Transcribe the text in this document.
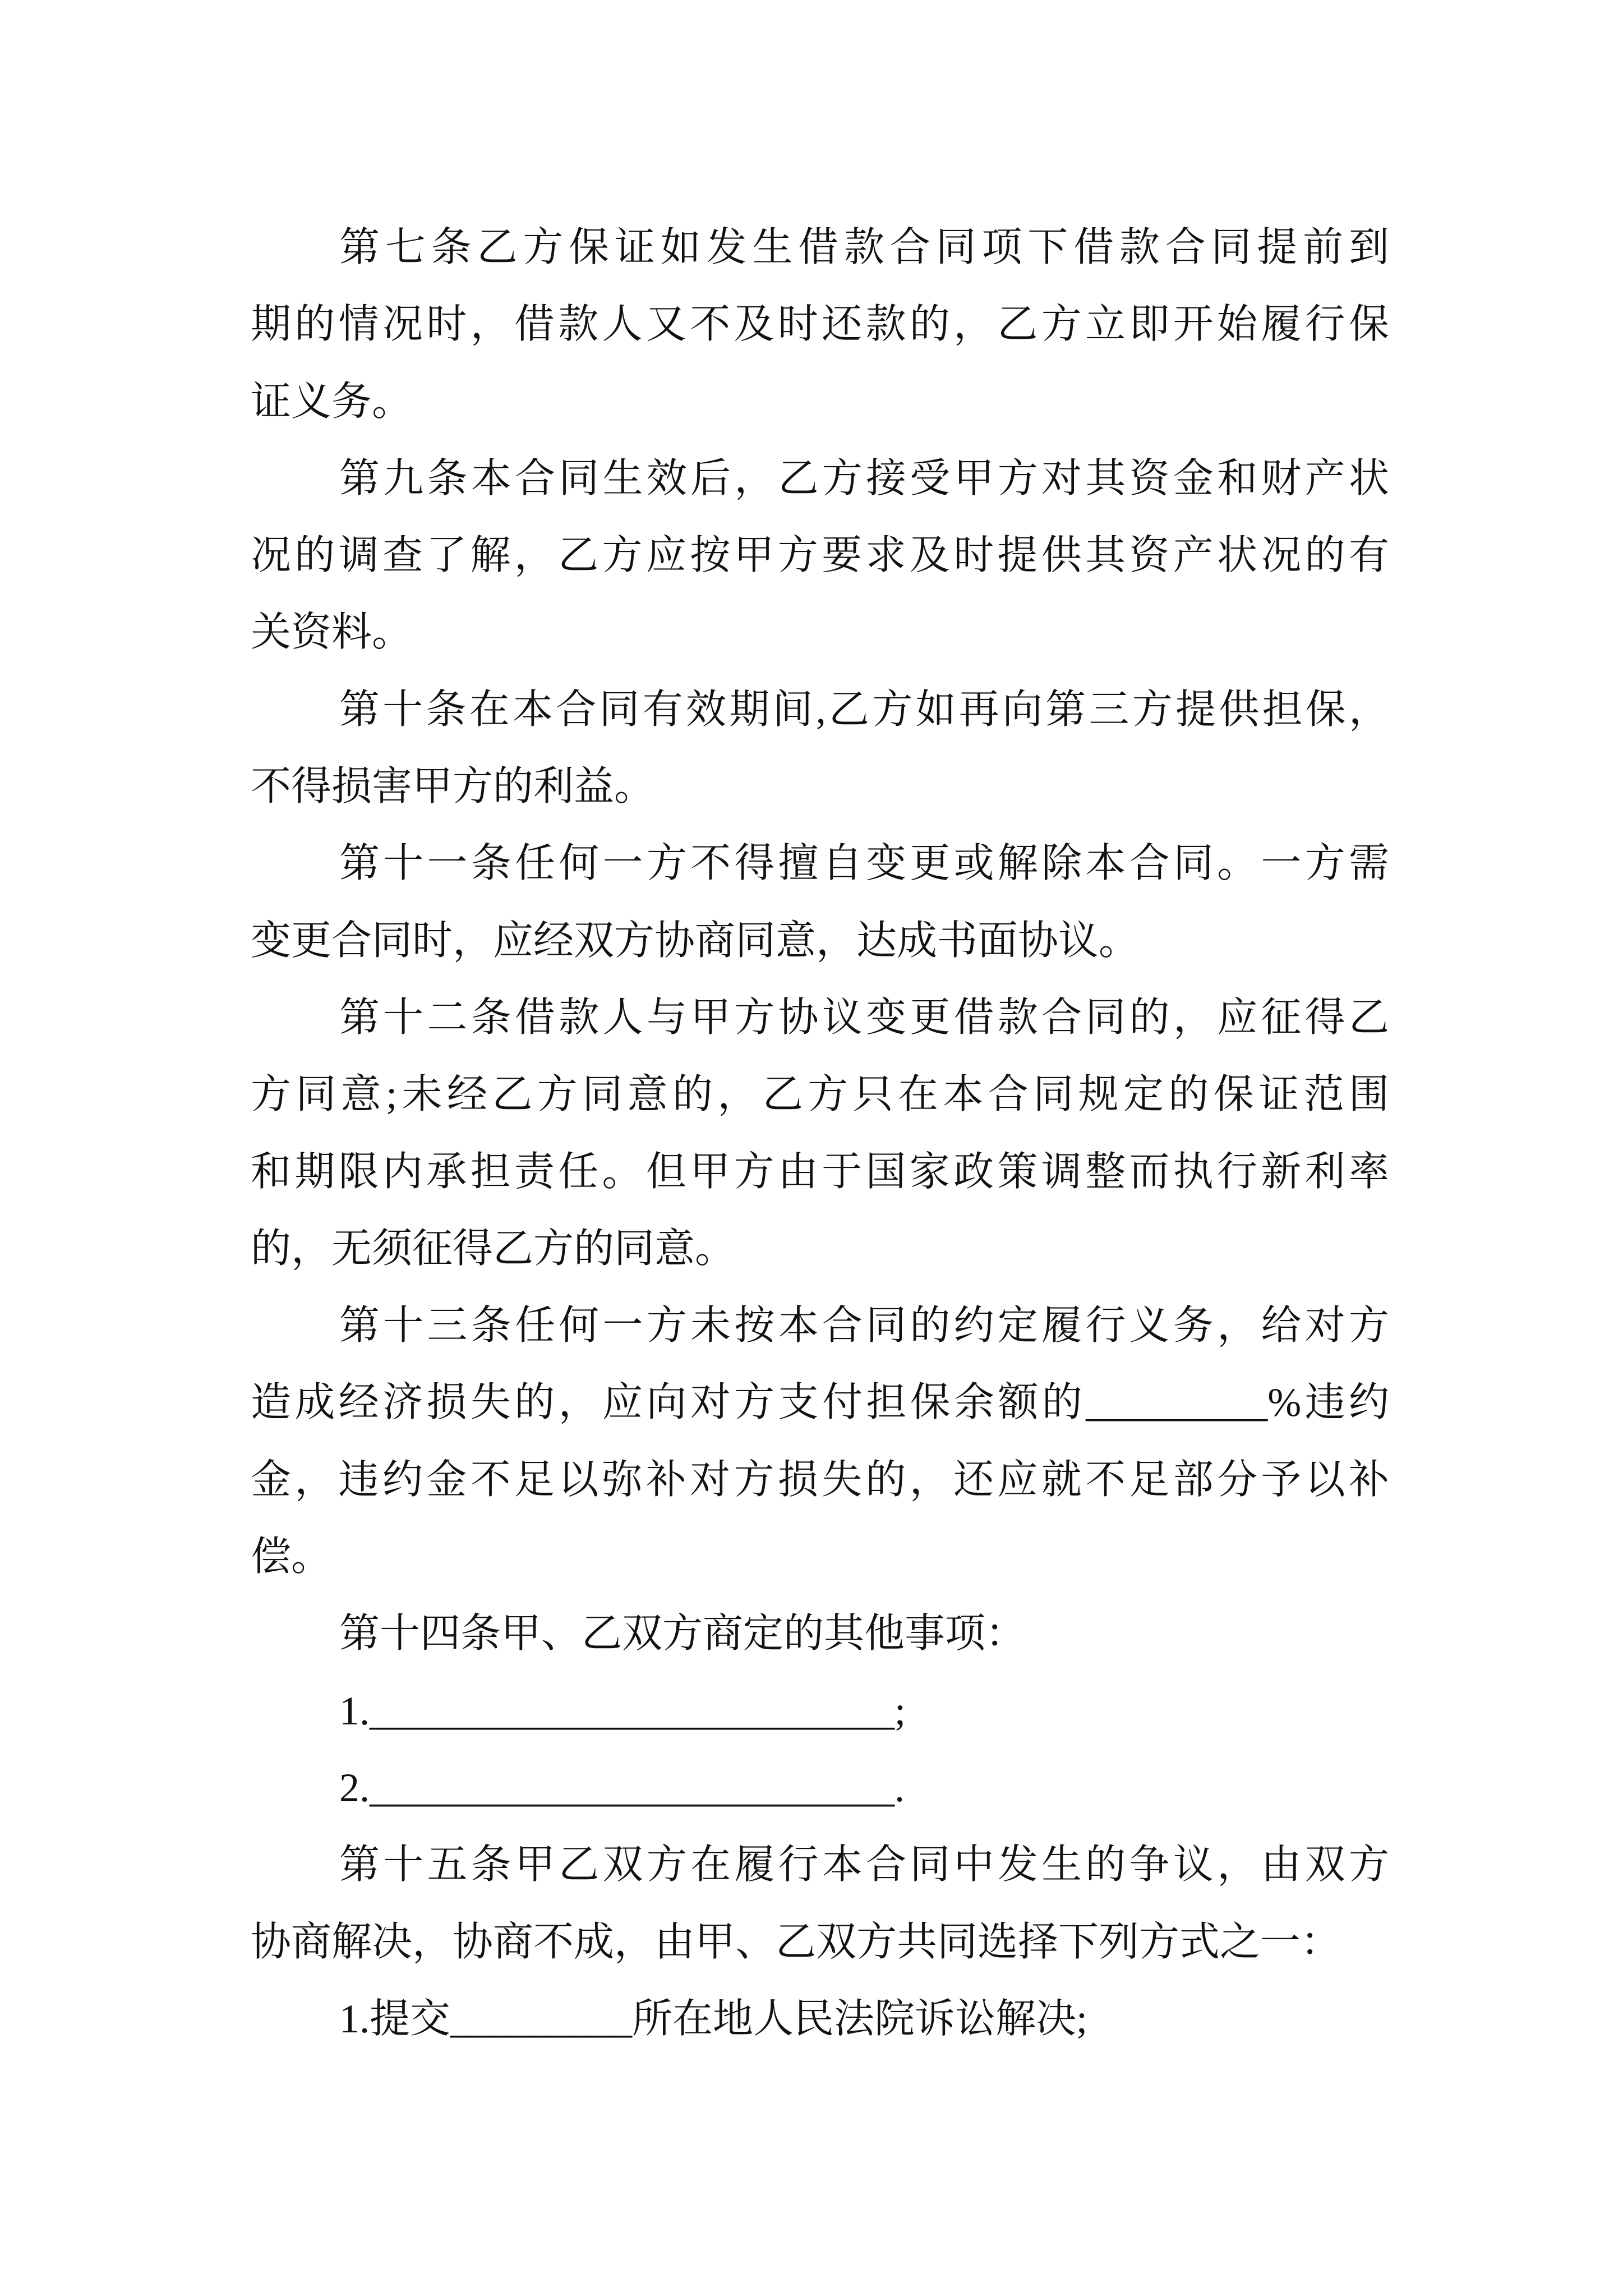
第七条乙方保证如发生借款合同项下借款合同提前到
期的情况时，借款人又不及时还款的，乙方立即开始履行保
证义务。
第九条本合同生效后，乙方接受甲方对其资金和财产状
况的调查了解，乙方应按甲方要求及时提供其资产状况的有
关资料。
第十条在本合同有效期间,乙方如再向第三方提供担保，
不得损害甲方的利益。
第十一条任何一方不得擅自变更或解除本合同。一方需
变更合同时，应经双方协商同意，达成书面协议。
第十二条借款人与甲方协议变更借款合同的，应征得乙
方同意;未经乙方同意的，乙方只在本合同规定的保证范围
和期限内承担责任。但甲方由于国家政策调整而执行新利率
的，无须征得乙方的同意。
第十三条任何一方未按本合同的约定履行义务，给对方
造成经济损失的，应向对方支付担保余额的_________%违约
金，违约金不足以弥补对方损失的，还应就不足部分予以补
偿。
第十四条甲、乙双方商定的其他事项：
1.__________________________;
2.__________________________.
第十五条甲乙双方在履行本合同中发生的争议，由双方
协商解决，协商不成，由甲、乙双方共同选择下列方式之一：
1.提交_________所在地人民法院诉讼解决;
